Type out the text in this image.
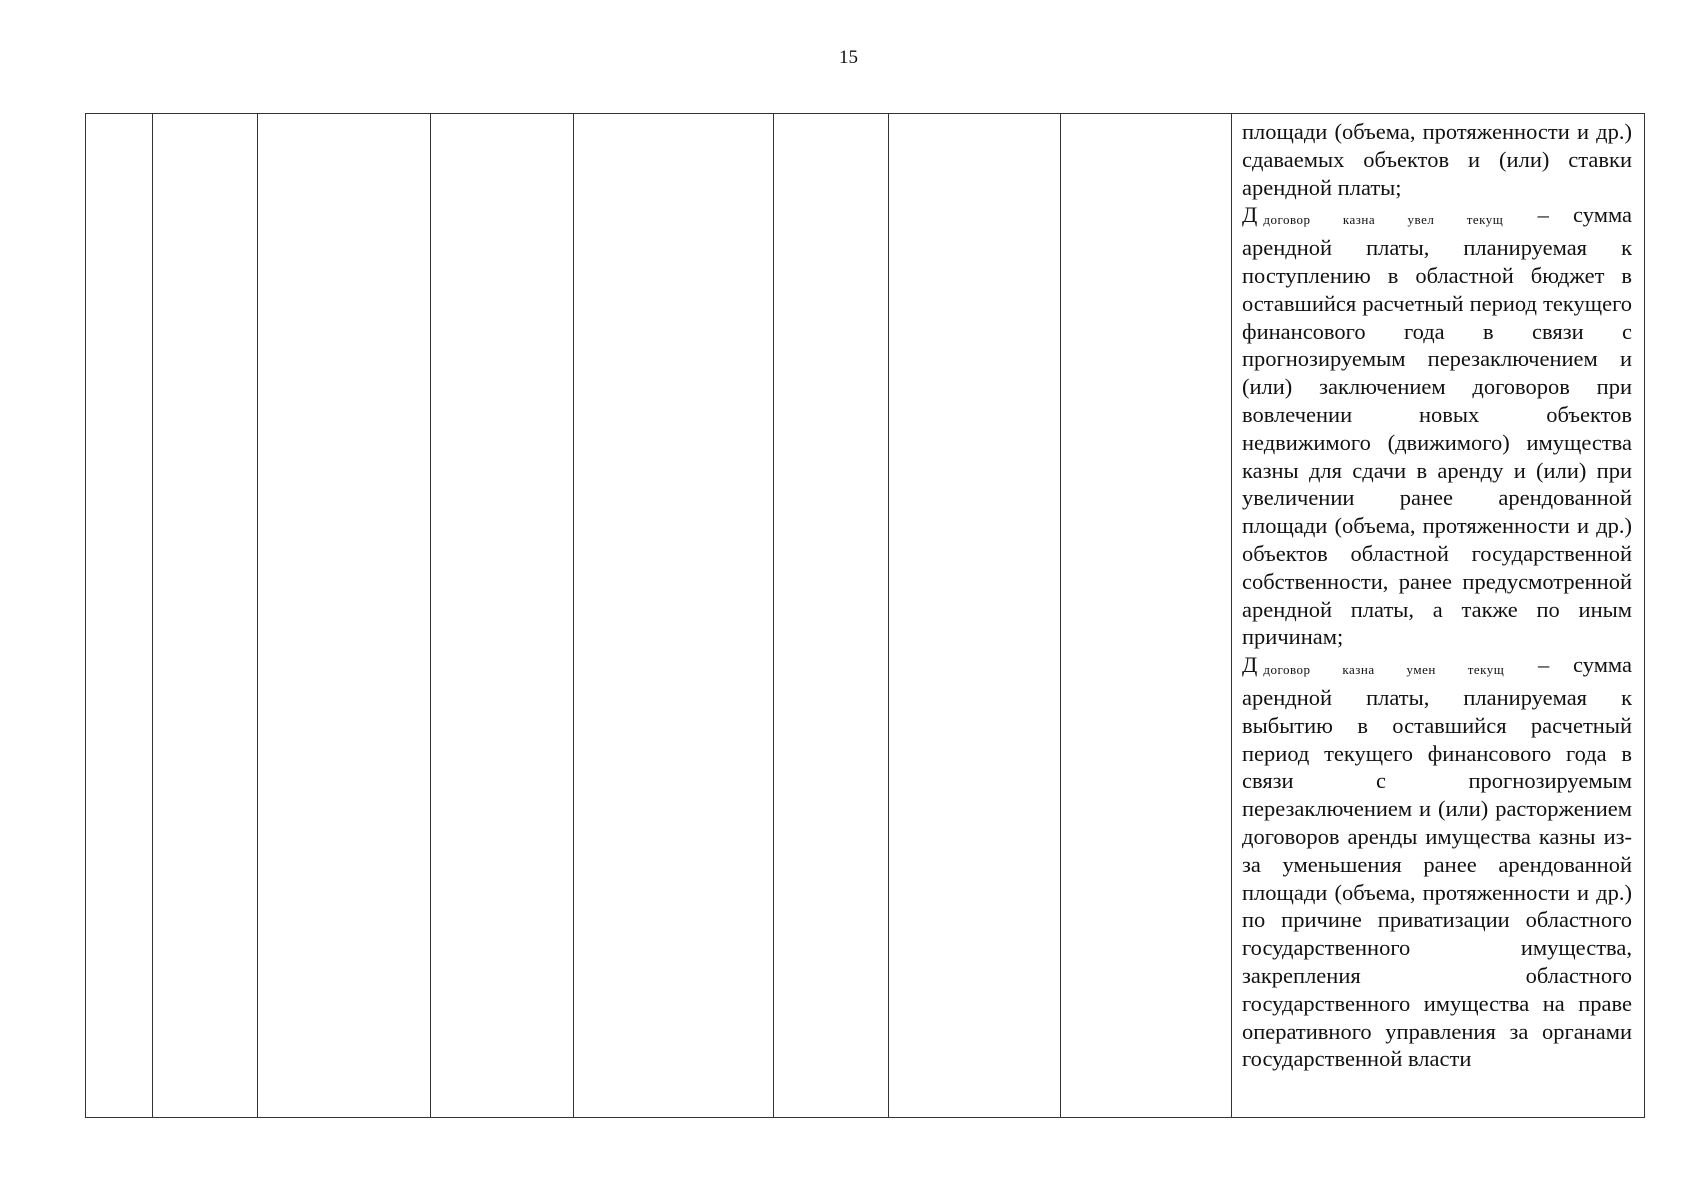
15

площади (объема, протяженности и др.) сдаваемых объектов и (или) ставки арендной платы;

Ддоговор казна увел текущ – сумма арендной платы, планируемая к поступлению в областной бюджет в оставшийся расчетный период текущего финансового года в связи с прогнозируемым перезаключением и (или) заключением договоров при вовлечении новых объектов недвижимого (движимого) имущества казны для сдачи в аренду и (или) при увеличении ранее арендованной площади (объема, протяженности и др.) объектов областной государственной собственности, ранее предусмотренной арендной платы, а также по иным причинам;

Ддоговор казна умен текущ – сумма арендной платы, планируемая к выбытию в оставшийся расчетный период текущего финансового года в связи с прогнозируемым перезаключением и (или) расторжением договоров аренды имущества казны из-за уменьшения ранее арендованной площади (объема, протяженности и др.) по причине приватизации областного государственного имущества, закрепления областного государственного имущества на праве оперативного управления за органами государственной власти
